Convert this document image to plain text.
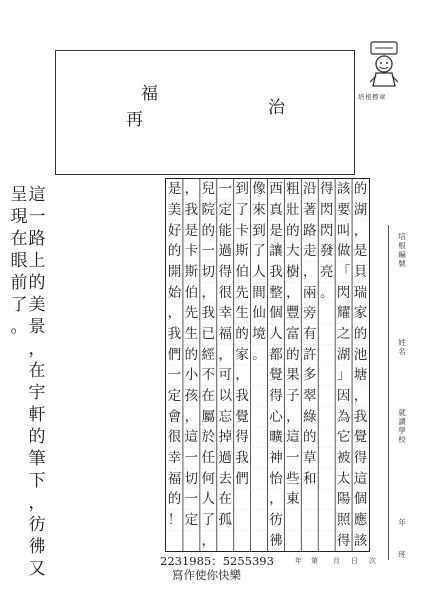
福
再
治
培根標章
培根編號
姓名
就讀學校
年
班
的
湖
，
是
貝
瑞
家
的
池
塘
，
我
覺
得
這
個
應
該
該
要
叫
做
「
閃
耀
之
湖
」
因
為
它
被
太
陽
照
得
得
閃
閃
發
亮
。
沿
著
路
走
，
兩
旁
有
許
多
翠
綠
的
草
和
粗
壯
的
大
樹
，
豐
富
的
果
子
，
這
一
些
東
西
真
是
讓
我
整
個
人
都
覺
得
心
曠
神
怡
，
彷
彿
像
來
到
了
人
間
仙
境
。
到
了
卡
斯
伯
先
生
的
家
，
我
覺
得
我
們
一
定
能
過
得
很
幸
福
，
可
以
忘
掉
過
去
在
孤
兒
院
的
一
切
，
我
已
經
不
在
屬
於
任
何
人
了
，
，
我
是
卡
斯
伯
先
生
的
小
孩
，
這
一
切
一
定
是
美
好
的
開
始
，
我
們
一
定
會
很
幸
福
的
！
這
一
路
上
的
美
景
，
在
宇
軒
的
筆
下
，
彷
彿
又
呈
現
在
眼
前
了
。
2231985：5255393
寫作使你快樂
年 第 月 日 次
